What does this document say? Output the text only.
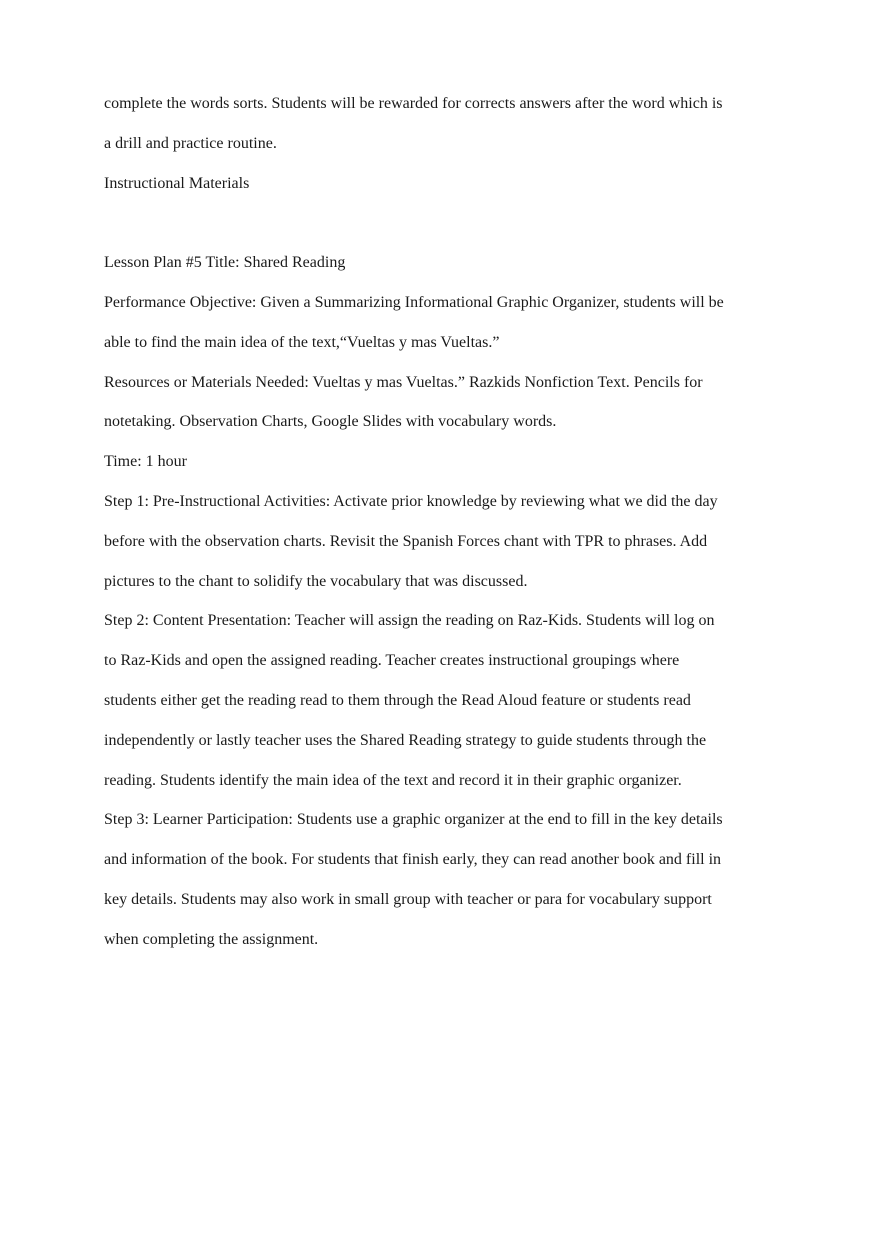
complete the words sorts. Students will be rewarded for corrects answers after the word which is

a drill and practice routine.

Instructional Materials

Lesson Plan #5 Title: Shared Reading

Performance Objective: Given a Summarizing Informational Graphic Organizer, students will be

able to find the main idea of the text,“Vueltas y mas Vueltas.”

Resources or Materials Needed: Vueltas y mas Vueltas.” Razkids Nonfiction Text. Pencils for

notetaking. Observation Charts, Google Slides with vocabulary words.

Time: 1 hour

Step 1: Pre-Instructional Activities: Activate prior knowledge by reviewing what we did the day

before with the observation charts. Revisit the Spanish Forces chant with TPR to phrases. Add

pictures to the chant to solidify the vocabulary that was discussed.

Step 2: Content Presentation: Teacher will assign the reading on Raz-Kids. Students will log on

to Raz-Kids and open the assigned reading. Teacher creates instructional groupings where

students either get the reading read to them through the Read Aloud feature or students read

independently or lastly teacher uses the Shared Reading strategy to guide students through the

reading. Students identify the main idea of the text and record it in their graphic organizer.

Step 3: Learner Participation: Students use a graphic organizer at the end to fill in the key details

and information of the book. For students that finish early, they can read another book and fill in

key details. Students may also work in small group with teacher or para for vocabulary support

when completing the assignment.
